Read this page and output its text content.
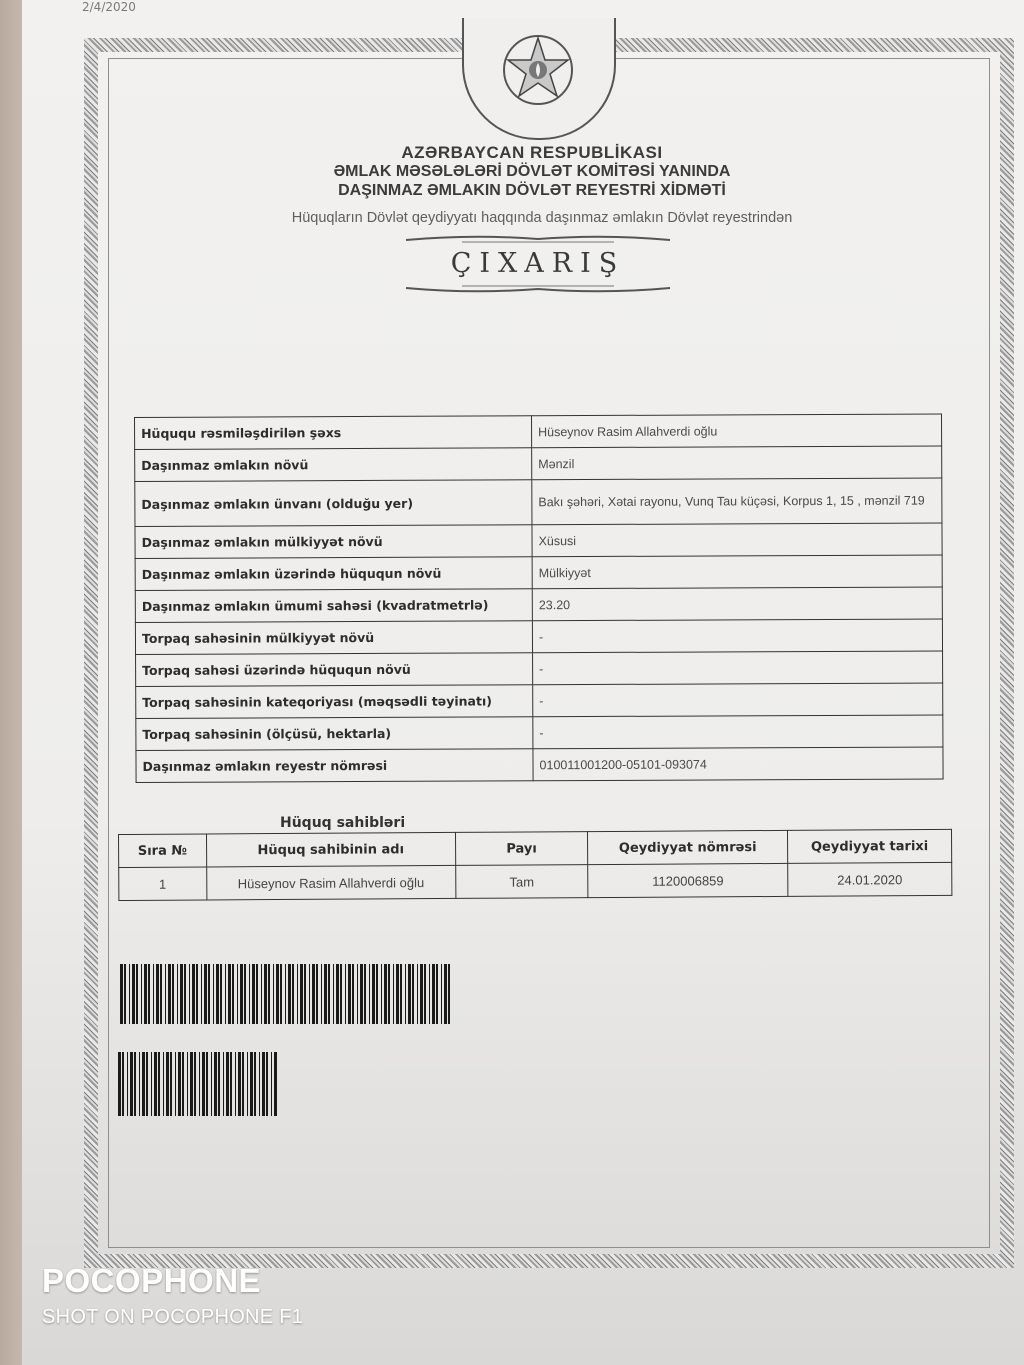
2/4/2020
AZƏRBAYCAN RESPUBLİKASI
ƏMLAK MƏSƏLƏLƏRİ DÖVLƏT KOMİTƏSİ YANINDA
DAŞINMAZ ƏMLAKIN DÖVLƏT REYESTRİ XİDMƏTİ
Hüquqların Dövlət qeydiyyatı haqqında daşınmaz əmlakın Dövlət reyestrindən
ÇIXARIŞ
Hüququ rəsmiləşdirilən şəxs	Hüseynov Rasim Allahverdi oğlu
Daşınmaz əmlakın növü	Mənzil
Daşınmaz əmlakın ünvanı (olduğu yer)	Bakı şəhəri, Xətai rayonu, Vunq Tau küçəsi, Korpus 1, 15 , mənzil 719
Daşınmaz əmlakın mülkiyyət növü	Xüsusi
Daşınmaz əmlakın üzərində hüququn növü	Mülkiyyət
Daşınmaz əmlakın ümumi sahəsi (kvadratmetrlə)	23.20
Torpaq sahəsinin mülkiyyət növü	-
Torpaq sahəsi üzərində hüququn növü	-
Torpaq sahəsinin kateqoriyası (məqsədli təyinatı)	-
Torpaq sahəsinin (ölçüsü, hektarla)	-
Daşınmaz əmlakın reyestr nömrəsi	010011001200-05101-093074
Hüquq sahibləri
Sıra №	Hüquq sahibinin adı	Payı	Qeydiyyat nömrəsi	Qeydiyyat tarixi
1	Hüseynov Rasim Allahverdi oğlu	Tam	1120006859	24.01.2020
POCOPHONE
SHOT ON POCOPHONE F1
